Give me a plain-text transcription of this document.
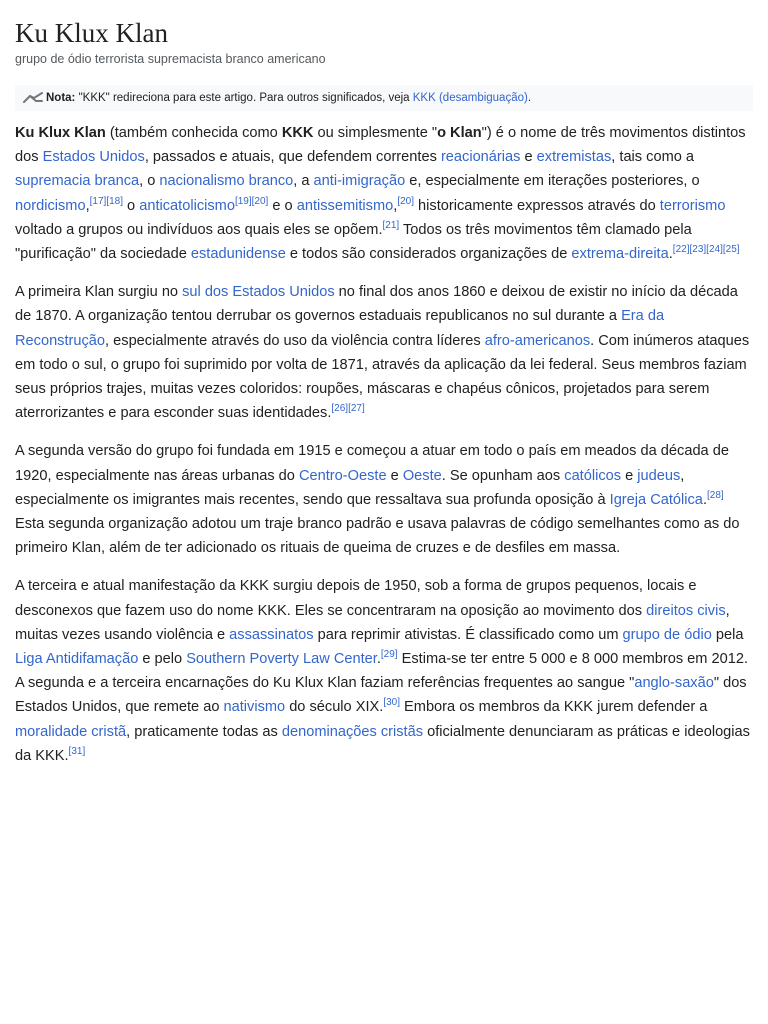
Ku Klux Klan
grupo de ódio terrorista supremacista branco americano
Nota: "KKK" redireciona para este artigo. Para outros significados, veja KKK (desambiguação).

Ku Klux Klan (também conhecida como KKK ou simplesmente "o Klan") é o nome de três movimentos distintos dos Estados Unidos, passados e atuais, que defendem correntes reacionárias e extremistas, tais como a supremacia branca, o nacionalismo branco, a anti-imigração e, especialmente em iterações posteriores, o nordicismo,[17][18] o anticatolicismo[19][20] e o antissemitismo,[20] historicamente expressos através do terrorismo voltado a grupos ou indivíduos aos quais eles se opõem.[21] Todos os três movimentos têm clamado pela "purificação" da sociedade estadunidense e todos são considerados organizações de extrema-direita.[22][23][24][25]

A primeira Klan surgiu no sul dos Estados Unidos no final dos anos 1860 e deixou de existir no início da década de 1870. A organização tentou derrubar os governos estaduais republicanos no sul durante a Era da Reconstrução, especialmente através do uso da violência contra líderes afro-americanos. Com inúmeros ataques em todo o sul, o grupo foi suprimido por volta de 1871, através da aplicação da lei federal. Seus membros faziam seus próprios trajes, muitas vezes coloridos: roupões, máscaras e chapéus cônicos, projetados para serem aterrorizantes e para esconder suas identidades.[26][27]

A segunda versão do grupo foi fundada em 1915 e começou a atuar em todo o país em meados da década de 1920, especialmente nas áreas urbanas do Centro-Oeste e Oeste. Se opunham aos católicos e judeus, especialmente os imigrantes mais recentes, sendo que ressaltava sua profunda oposição à Igreja Católica.[28] Esta segunda organização adotou um traje branco padrão e usava palavras de código semelhantes como as do primeiro Klan, além de ter adicionado os rituais de queima de cruzes e de desfiles em massa.

A terceira e atual manifestação da KKK surgiu depois de 1950, sob a forma de grupos pequenos, locais e desconexos que fazem uso do nome KKK. Eles se concentraram na oposição ao movimento dos direitos civis, muitas vezes usando violência e assassinatos para reprimir ativistas. É classificado como um grupo de ódio pela Liga Antidifamação e pelo Southern Poverty Law Center.[29] Estima-se ter entre 5 000 e 8 000 membros em 2012. A segunda e a terceira encarnações do Ku Klux Klan faziam referências frequentes ao sangue "anglo-saxão" dos Estados Unidos, que remete ao nativismo do século XIX.[30] Embora os membros da KKK jurem defender a moralidade cristã, praticamente todas as denominações cristãs oficialmente denunciaram as práticas e ideologias da KKK.[31]
